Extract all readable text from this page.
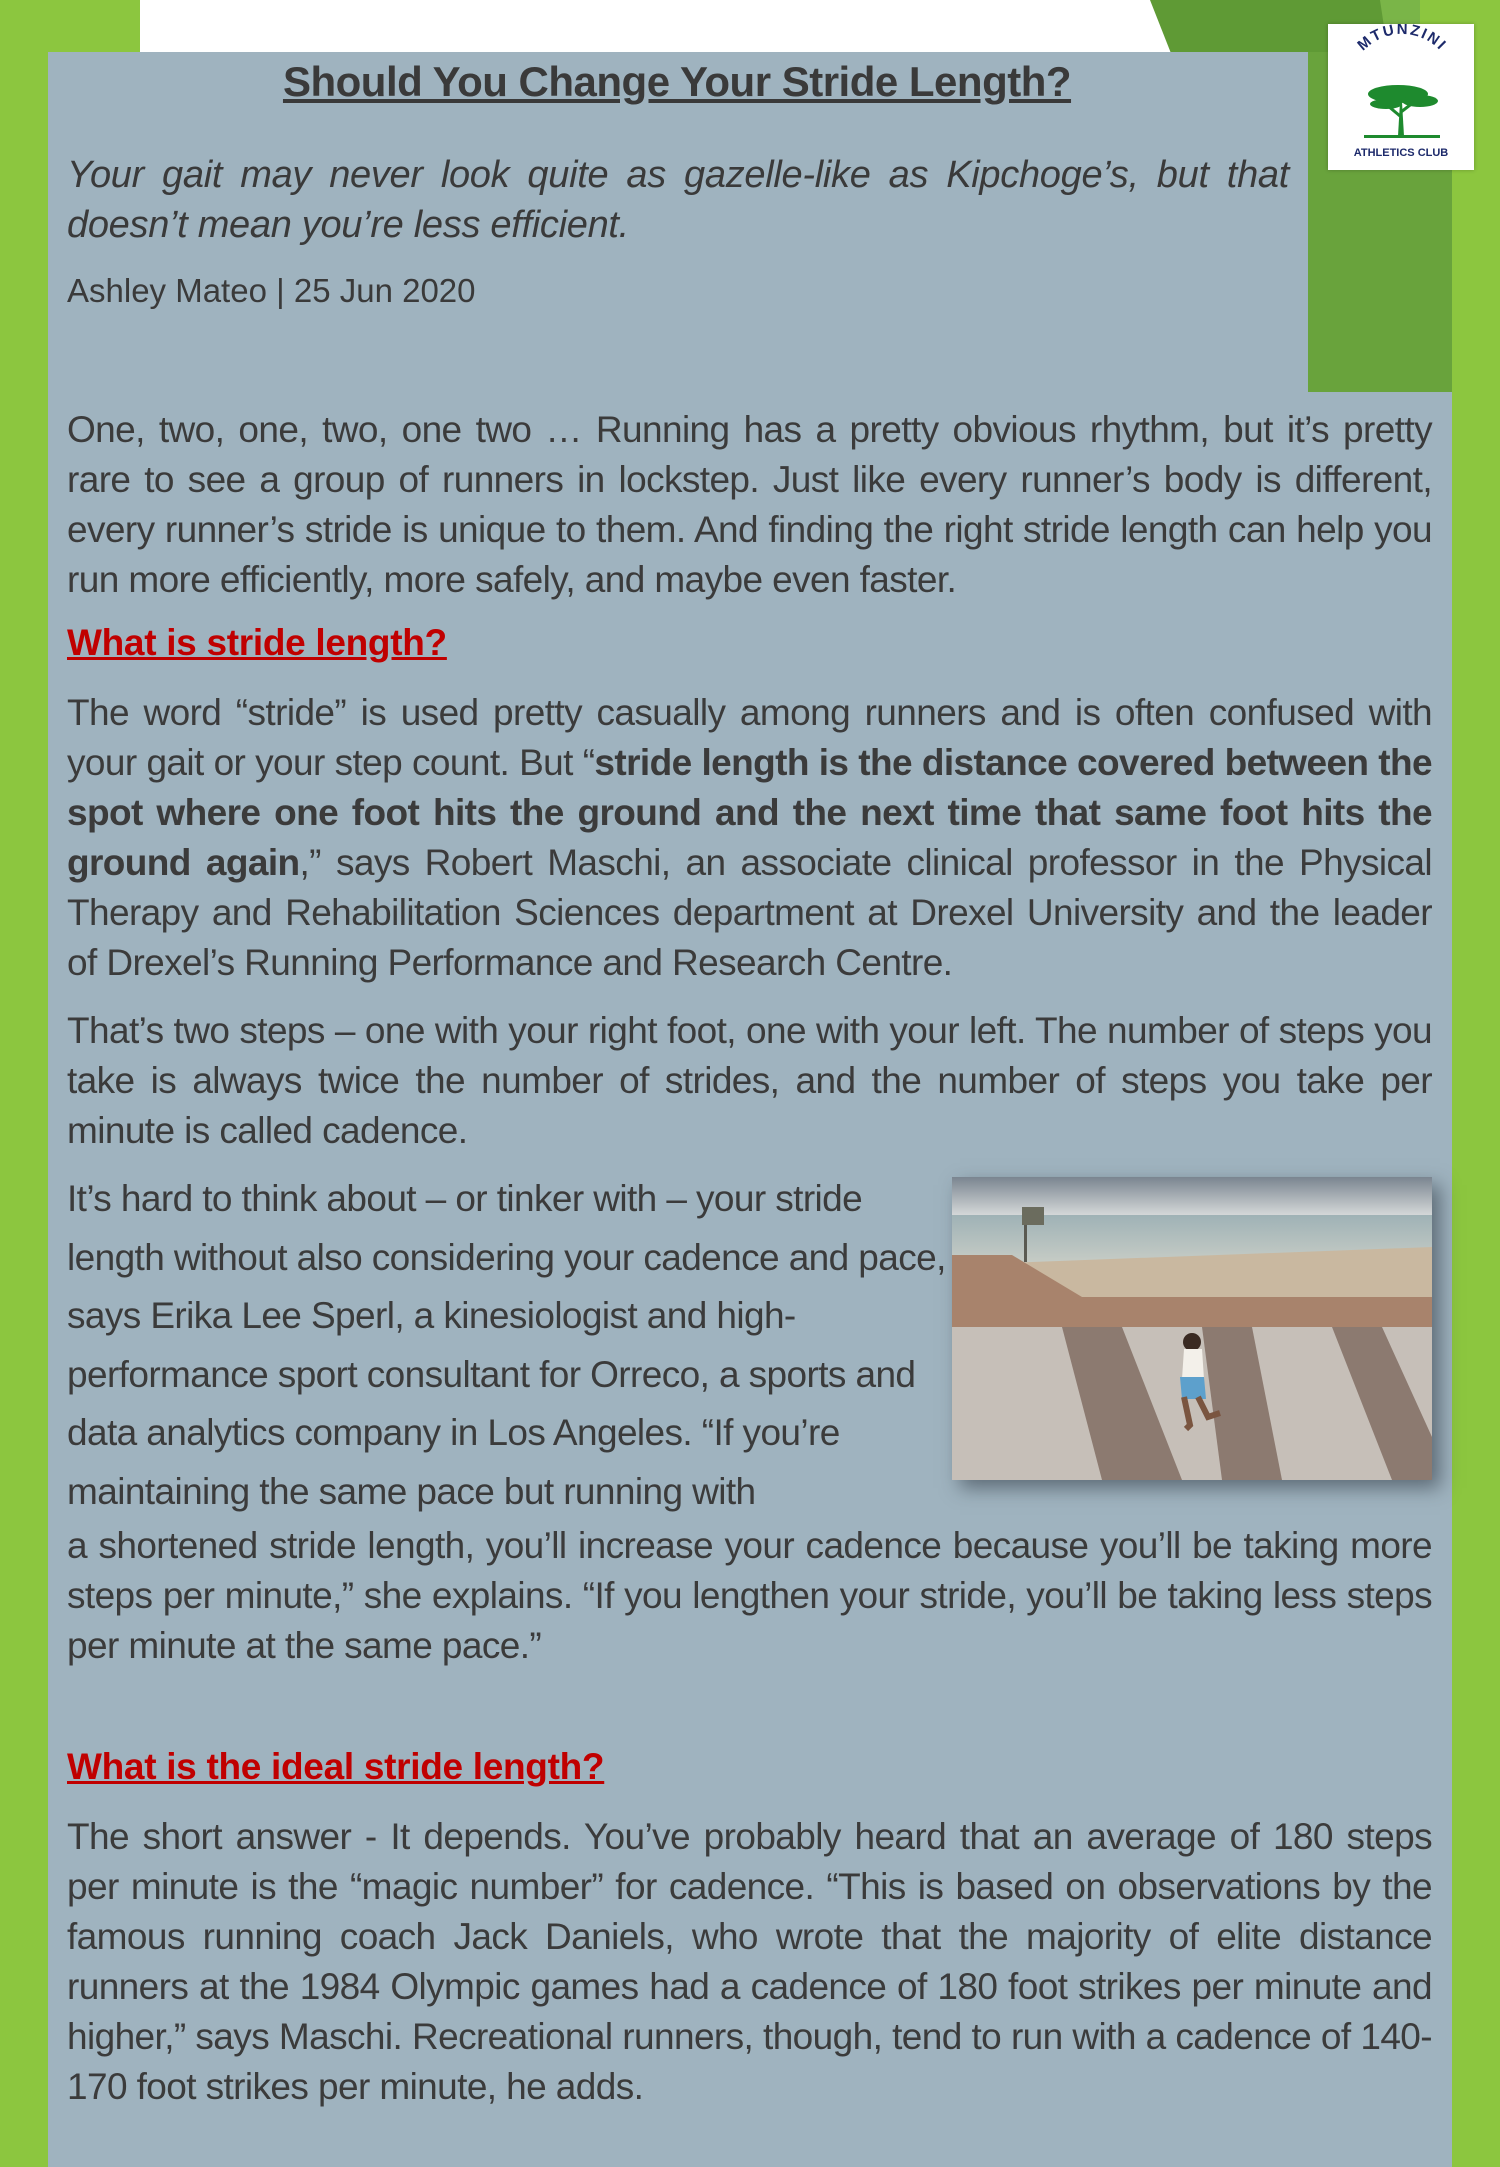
MTUNZINI
ATHLETICS CLUB
Should You Change Your Stride Length?

Your gait may never look quite as gazelle-like as Kipchoge’s, but that doesn’t mean you’re less efficient.

Ashley Mateo | 25 Jun 2020

One, two, one, two, one two … Running has a pretty obvious rhythm, but it’s pretty rare to see a group of runners in lockstep. Just like every runner’s body is different, every runner’s stride is unique to them. And finding the right stride length can help you run more efficiently, more safely, and maybe even faster.

What is stride length?

The word “stride” is used pretty casually among runners and is often confused with your gait or your step count. But “stride length is the distance covered between the spot where one foot hits the ground and the next time that same foot hits the ground again,” says Robert Maschi, an associate clinical professor in the Physical Therapy and Rehabilitation Sciences department at Drexel University and the leader of Drexel’s Running Performance and Research Centre.

That’s two steps – one with your right foot, one with your left. The number of steps you take is always twice the number of strides, and the number of steps you take per minute is called cadence.

It’s hard to think about – or tinker with – your stride length without also considering your cadence and pace, says Erika Lee Sperl, a kinesiologist and high-performance sport consultant for Orreco, a sports and data analytics company in Los Angeles. “If you’re maintaining the same pace but running with

a shortened stride length, you’ll increase your cadence because you’ll be taking more steps per minute,” she explains. “If you lengthen your stride, you’ll be taking less steps per minute at the same pace.”

What is the ideal stride length?

The short answer - It depends. You’ve probably heard that an average of 180 steps per minute is the “magic number” for cadence. “This is based on observations by the famous running coach Jack Daniels, who wrote that the majority of elite distance runners at the 1984 Olympic games had a cadence of 180 foot strikes per minute and higher,” says Maschi. Recreational runners, though, tend to run with a cadence of 140-170 foot strikes per minute, he adds.
